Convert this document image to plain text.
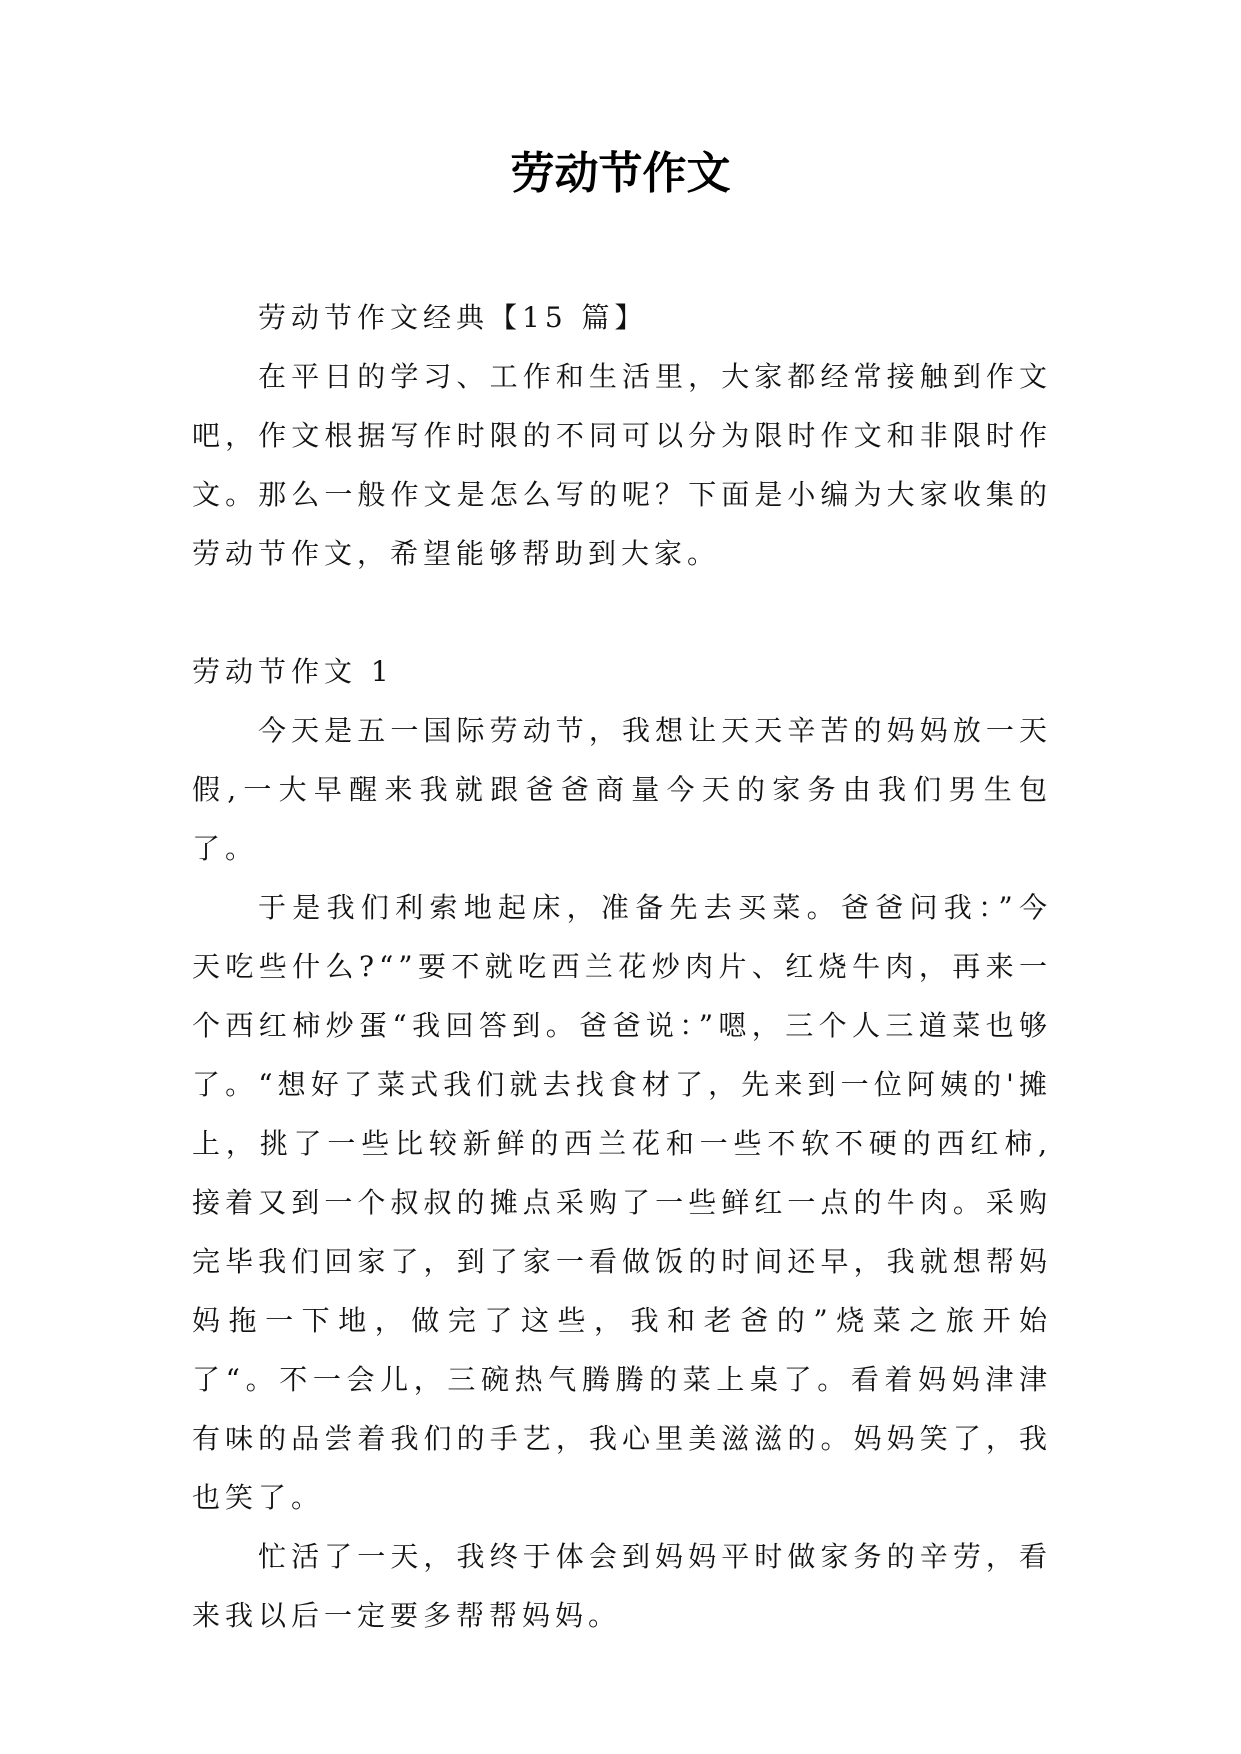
劳动节作文

劳动节作文经典【15 篇】

在平日的学习、工作和生活里，大家都经常接触到作文吧，作文根据写作时限的不同可以分为限时作文和非限时作文。那么一般作文是怎么写的呢？下面是小编为大家收集的劳动节作文，希望能够帮助到大家。

劳动节作文 1

今天是五一国际劳动节，我想让天天辛苦的妈妈放一天假,一大早醒来我就跟爸爸商量今天的家务由我们男生包了。

于是我们利索地起床，准备先去买菜。爸爸问我：”今天吃些什么?“”要不就吃西兰花炒肉片、红烧牛肉，再来一个西红柿炒蛋“我回答到。爸爸说：”嗯，三个人三道菜也够了。“想好了菜式我们就去找食材了，先来到一位阿姨的'摊上，挑了一些比较新鲜的西兰花和一些不软不硬的西红柿,接着又到一个叔叔的摊点采购了一些鲜红一点的牛肉。采购完毕我们回家了，到了家一看做饭的时间还早，我就想帮妈妈拖一下地，做完了这些，我和老爸的”烧菜之旅开始了“。不一会儿，三碗热气腾腾的菜上桌了。看着妈妈津津有味的品尝着我们的手艺，我心里美滋滋的。妈妈笑了，我也笑了。

忙活了一天，我终于体会到妈妈平时做家务的辛劳，看来我以后一定要多帮帮妈妈。
